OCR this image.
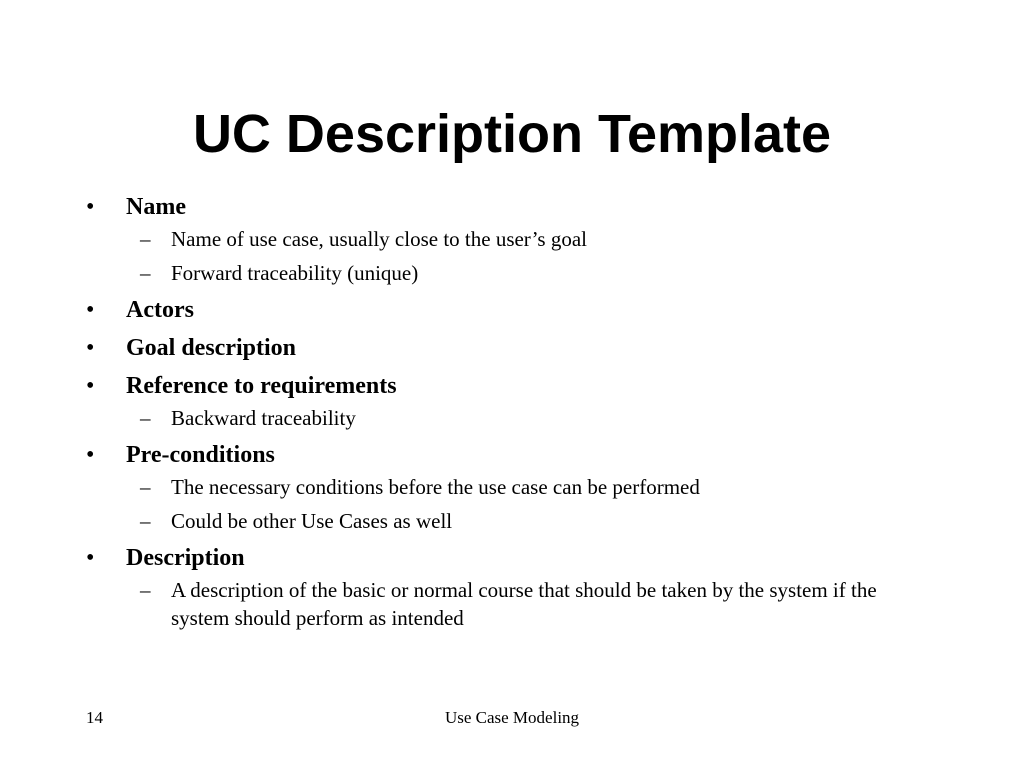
UC Description Template
• Name
– Name of use case, usually close to the user’s goal
– Forward traceability (unique)
• Actors
• Goal description
• Reference to requirements
– Backward traceability
• Pre-conditions
– The necessary conditions before the use case can be performed
– Could be other Use Cases as well
• Description
– A description of the basic or normal course that should be taken by the system if the system should perform as intended
14	Use Case Modeling
